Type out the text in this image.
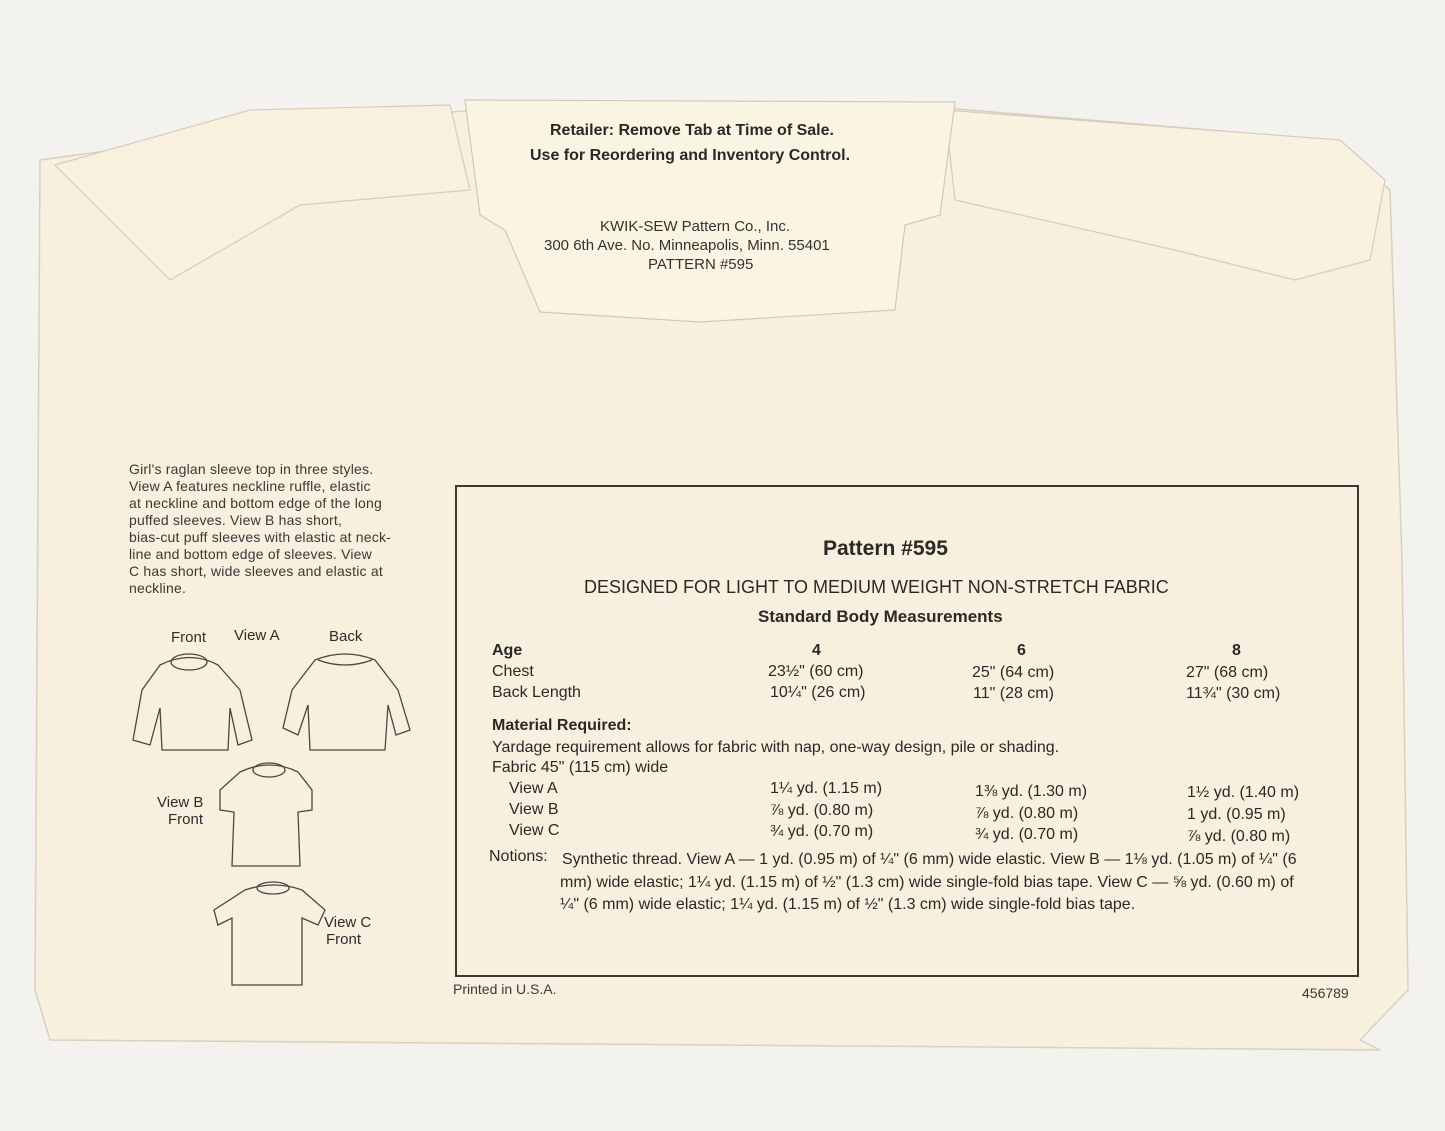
Retailer: Remove Tab at Time of Sale.
Use for Reordering and Inventory Control.
KWIK-SEW Pattern Co., Inc.
300 6th Ave. No. Minneapolis, Minn. 55401
PATTERN #595
Girl's raglan sleeve top in three styles.
View A features neckline ruffle, elastic
at neckline and bottom edge of the long
puffed sleeves. View B has short,
bias-cut puff sleeves with elastic at neck-
line and bottom edge of sleeves. View
C has short, wide sleeves and elastic at
neckline.
Front View A	Back
View B
Front
View C
Front
Pattern #595
DESIGNED FOR LIGHT TO MEDIUM WEIGHT NON-STRETCH FABRIC
Standard Body Measurements
Age	4	6	8
Chest	23½" (60 cm)	25" (64 cm)	27" (68 cm)
Back Length	10¼" (26 cm)	11" (28 cm)	11¾" (30 cm)
Material Required:
Yardage requirement allows for fabric with nap, one-way design, pile or shading.
Fabric 45" (115 cm) wide
View A	1¼ yd. (1.15 m)	1⅜ yd. (1.30 m)	1½ yd. (1.40 m)
View B	⅞ yd. (0.80 m)	⅞ yd. (0.80 m)	1 yd. (0.95 m)
View C	¾ yd. (0.70 m)	¾ yd. (0.70 m)	⅞ yd. (0.80 m)
Notions: Synthetic thread. View A — 1 yd. (0.95 m) of ¼" (6 mm) wide elastic. View B — 1⅛ yd. (1.05 m) of ¼" (6
mm) wide elastic; 1¼ yd. (1.15 m) of ½" (1.3 cm) wide single-fold bias tape. View C — ⅝ yd. (0.60 m) of
¼" (6 mm) wide elastic; 1¼ yd. (1.15 m) of ½" (1.3 cm) wide single-fold bias tape.
Printed in U.S.A.	456789
